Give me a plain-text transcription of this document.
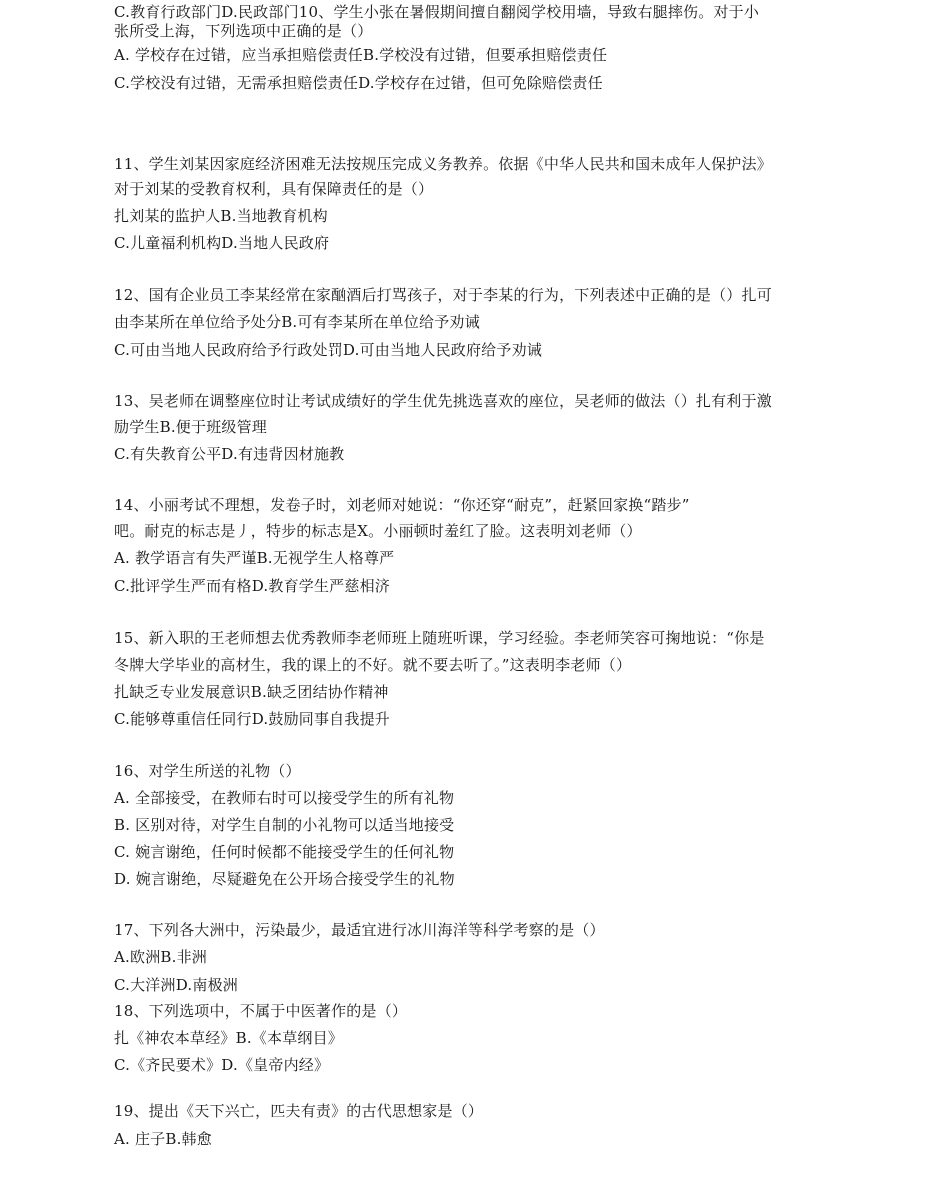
C.教育行政部门D.民政部门10、学生小张在暑假期间擅自翻阅学校用墙，导致右腿摔伤。对于小
张所受上海，下列选项中正确的是（）
A. 学校存在过错，应当承担赔偿责任B.学校没有过错，但要承担赔偿责任
C.学校没有过错，无需承担赔偿责任D.学校存在过错，但可免除赔偿责任
11、学生刘某因家庭经济困难无法按规压完成义务教养。依据《中华人民共和国未成年人保护法》
对于刘某的受教育权利，具有保障责任的是（）
扎刘某的监护人B.当地教育机构
C.儿童福利机构D.当地人民政府
12、国有企业员工李某经常在家酗酒后打骂孩子，对于李某的行为，下列表述中正确的是（）扎可
由李某所在单位给予处分B.可有李某所在单位给予劝诫
C.可由当地人民政府给予行政处罚D.可由当地人民政府给予劝诫
13、吴老师在调整座位时让考试成绩好的学生优先挑选喜欢的座位，吴老师的做法（）扎有利于激
励学生B.便于班级管理
C.有失教育公平D.有违背因材施教
14、小丽考试不理想，发卷子时，刘老师对她说：“你还穿“耐克”，赶紧回家换“踏步”
吧。耐克的标志是丿，特步的标志是X。小丽顿时羞红了脸。这表明刘老师（）
A. 教学语言有失严谨B.无视学生人格尊严
C.批评学生严而有格D.教育学生严慈相济
15、新入职的王老师想去优秀教师李老师班上随班听课，学习经验。李老师笑容可掬地说：“你是
冬牌大学毕业的高材生，我的课上的不好。就不要去听了。”这表明李老师（）
扎缺乏专业发展意识B.缺乏团结协作精神
C.能够尊重信任同行D.鼓励同事自我提升
16、对学生所送的礼物（）
A. 全部接受，在教师右时可以接受学生的所有礼物
B. 区别对待，对学生自制的小礼物可以适当地接受
C. 婉言谢绝，任何时候都不能接受学生的任何礼物
D. 婉言谢绝，尽疑避免在公开场合接受学生的礼物
17、下列各大洲中，污染最少，最适宜进行冰川海洋等科学考察的是（）
A.欧洲B.非洲
C.大洋洲D.南极洲
18、下列选项中，不属于中医著作的是（）
扎《神农本草经》B.《本草纲目》
C.《齐民要术》D.《皇帝内经》
19、提出《天下兴亡，匹夫有责》的古代思想家是（）
A. 庄子B.韩愈
